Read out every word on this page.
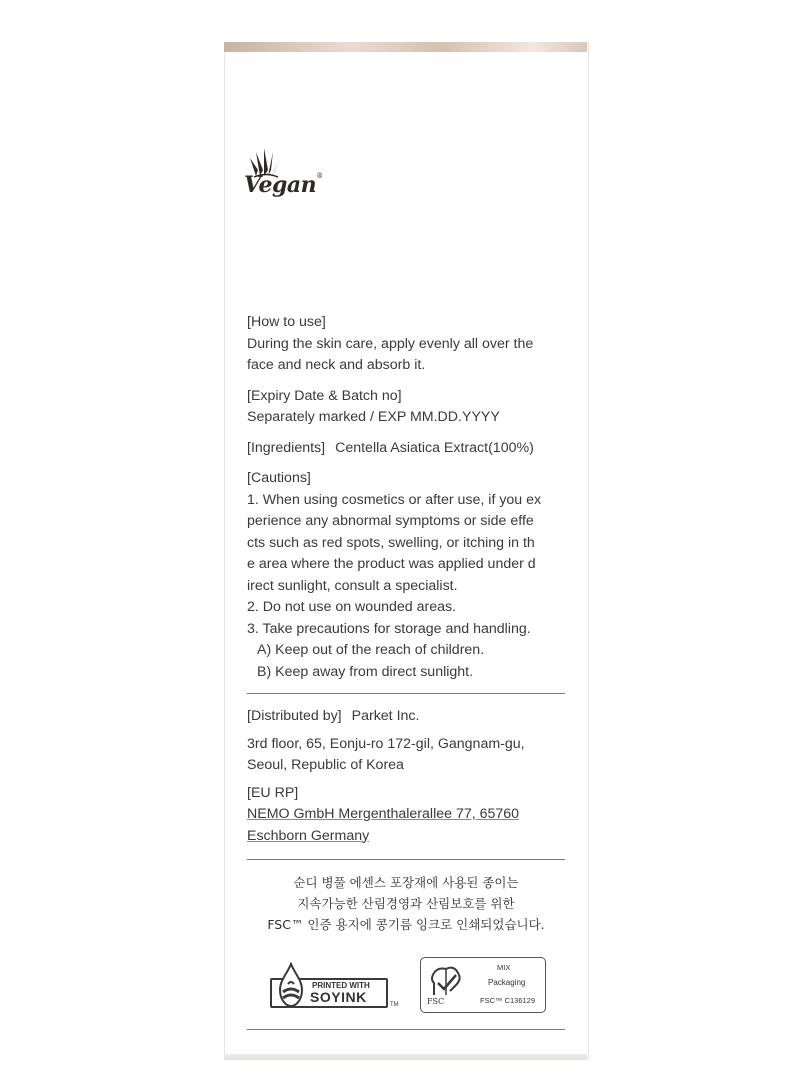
Vegan®
[How to use]
During the skin care, apply evenly all over the
face and neck and absorb it.
[Expiry Date & Batch no]
Separately marked / EXP MM.DD.YYYY
[Ingredients] Centella Asiatica Extract(100%)
[Cautions]
1. When using cosmetics or after use, if you ex
perience any abnormal symptoms or side effe
cts such as red spots, swelling, or itching in th
e area where the product was applied under d
irect sunlight, consult a specialist.
2. Do not use on wounded areas.
3. Take precautions for storage and handling.
A) Keep out of the reach of children.
B) Keep away from direct sunlight.
[Distributed by] Parket Inc.
3rd floor, 65, Eonju-ro 172-gil, Gangnam-gu,
Seoul, Republic of Korea
[EU RP]
NEMO GmbH Mergenthalerallee 77, 65760
Eschborn Germany
순디 병풀 에센스 포장재에 사용된 종이는
지속가능한 산림경영과 산림보호를 위한
FSC™ 인증 용지에 콩기름 잉크로 인쇄되었습니다.
PRINTED WITH
SOYINK	TM	FSC
MIX
Packaging
FSC™ C136129
